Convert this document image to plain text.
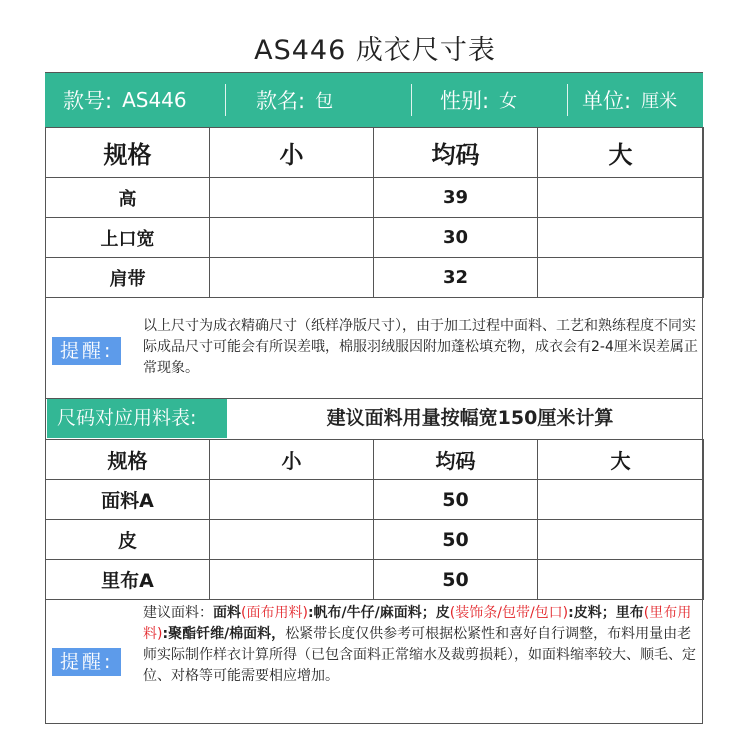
AS446 成衣尺寸表
款号: AS446	款名: 包	性别: 女	单位: 厘米
规格	小	均码	大
高		39	
上口宽		30	
肩带		32	
提醒:
以上尺寸为成衣精确尺寸（纸样净版尺寸），由于加工过程中面料、工艺和熟练程度不同实际成品尺寸可能会有所误差哦，棉服羽绒服因附加蓬松填充物，成衣会有2-4厘米误差属正常现象。
尺码对应用料表:	建议面料用量按幅宽150厘米计算
规格	小	均码	大
面料A		50	
皮		50	
里布A		50	
提醒:
建议面料：面料(面布用料):帆布/牛仔/麻面料；皮(装饰条/包带/包口):皮料；里布(里布用料):聚酯钎维/棉面料，松紧带长度仅供参考可根据松紧性和喜好自行调整，布料用量由老师实际制作样衣计算所得（已包含面料正常缩水及裁剪损耗），如面料缩率较大、顺毛、定位、对格等可能需要相应增加。
